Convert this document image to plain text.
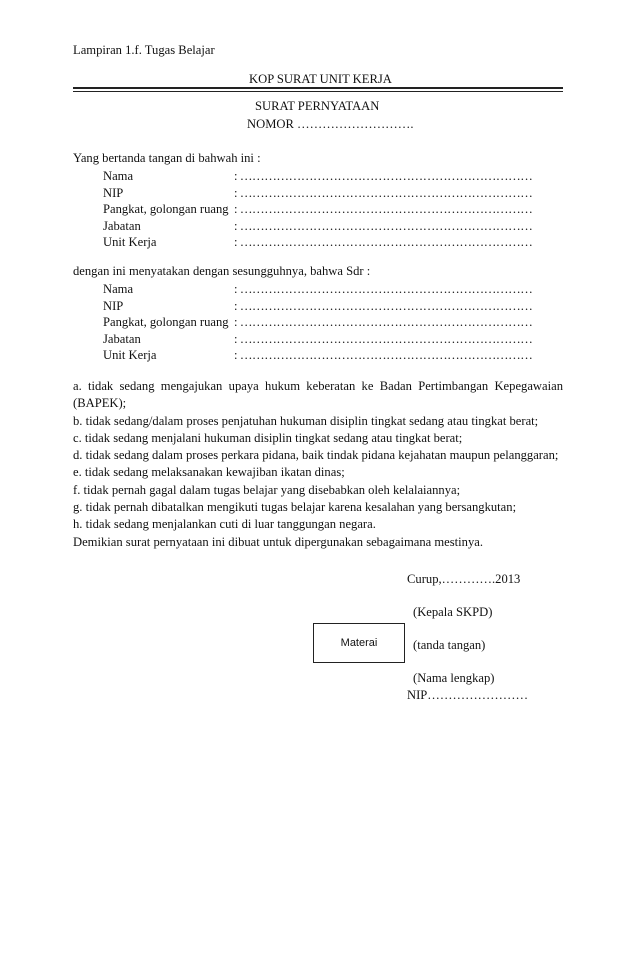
Lampiran 1.f. Tugas Belajar
KOP SURAT UNIT KERJA
SURAT PERNYATAAN
NOMOR ……………………….
Yang bertanda tangan di bahwah ini :
Nama	: ………………………………………………………………
NIP	: ………………………………………………………………
Pangkat, golongan ruang : ………………………………………………………………
Jabatan	: ………………………………………………………………
Unit Kerja	: ………………………………………………………………
dengan ini menyatakan dengan sesungguhnya, bahwa Sdr :
Nama	: ………………………………………………………………
NIP	: ………………………………………………………………
Pangkat, golongan ruang : ………………………………………………………………
Jabatan	: ………………………………………………………………
Unit Kerja	: ………………………………………………………………

a. tidak sedang mengajukan upaya hukum keberatan ke Badan Pertimbangan Kepegawaian (BAPEK);

b. tidak sedang/dalam proses penjatuhan hukuman disiplin tingkat sedang atau tingkat berat;

c. tidak sedang menjalani hukuman disiplin tingkat sedang atau tingkat berat;

d. tidak sedang dalam proses perkara pidana, baik tindak pidana kejahatan maupun pelanggaran;

e. tidak sedang melaksanakan kewajiban ikatan dinas;

f. tidak pernah gagal dalam tugas belajar yang disebabkan oleh kelalaiannya;

g. tidak pernah dibatalkan mengikuti tugas belajar karena kesalahan yang bersangkutan;

h. tidak sedang menjalankan cuti di luar tanggungan negara.

Demikian surat pernyataan ini dibuat untuk dipergunakan sebagaimana mestinya.

Curup,………….2013
(Kepala SKPD)
Materai	(tanda tangan)
(Nama lengkap)
NIP……………………
